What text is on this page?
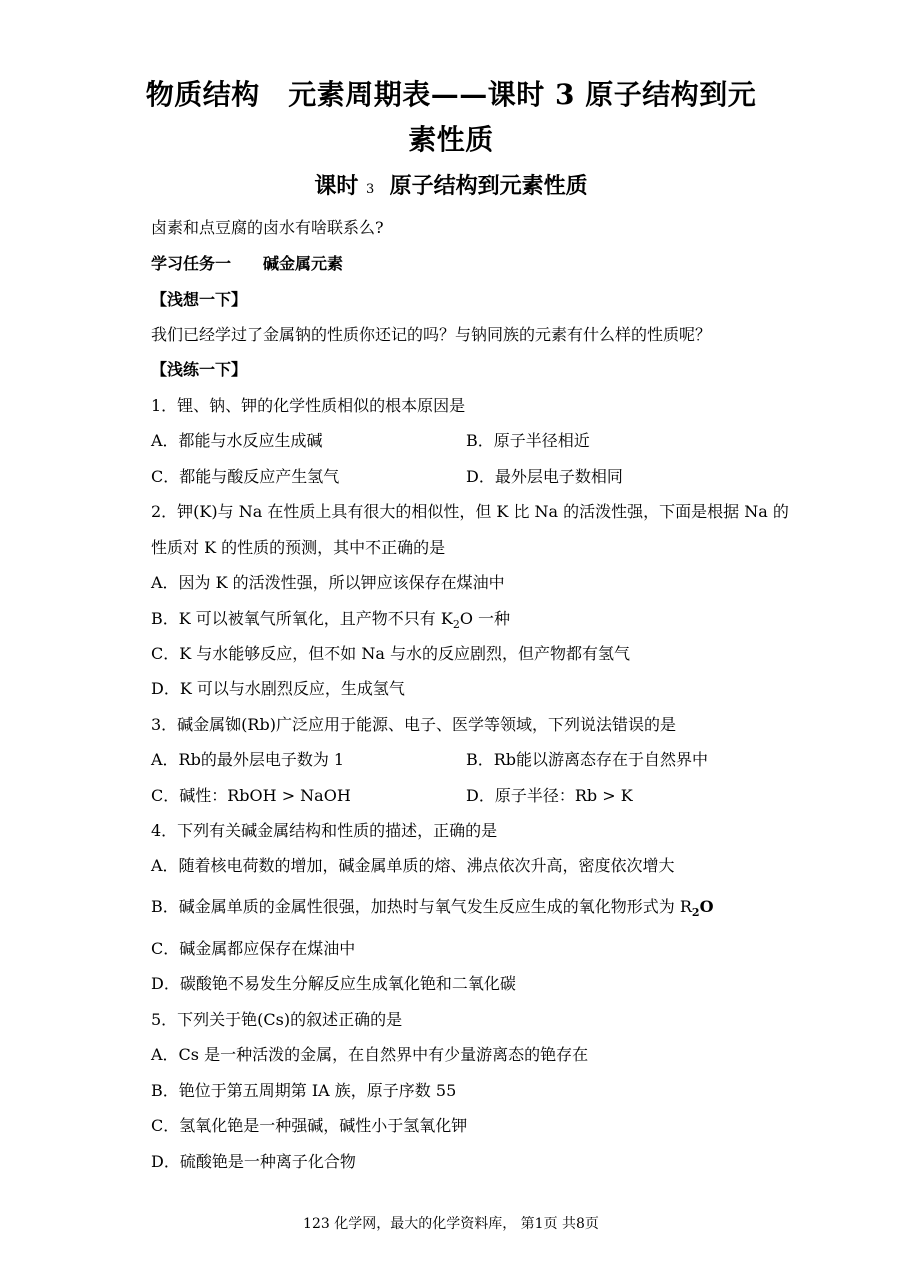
物质结构　元素周期表——课时 3 原子结构到元
素性质
课时 3 原子结构到元素性质
卤素和点豆腐的卤水有啥联系么?
学习任务一　　碱金属元素
【浅想一下】
我们已经学过了金属钠的性质你还记的吗？与钠同族的元素有什么样的性质呢？
【浅练一下】
1．锂、钠、钾的化学性质相似的根本原因是
A．都能与水反应生成碱	B．原子半径相近
C．都能与酸反应产生氢气	D．最外层电子数相同
2．钾(K)与 Na 在性质上具有很大的相似性，但 K 比 Na 的活泼性强，下面是根据 Na 的
性质对 K 的性质的预测，其中不正确的是
A．因为 K 的活泼性强，所以钾应该保存在煤油中
B．K 可以被氧气所氧化，且产物不只有 $K_2O$ 一种
C．K 与水能够反应，但不如 Na 与水的反应剧烈，但产物都有氢气
D．K 可以与水剧烈反应，生成氢气
3．碱金属铷(Rb)广泛应用于能源、电子、医学等领域，下列说法错误的是
A．Rb的最外层电子数为 1	B．Rb能以游离态存在于自然界中
C．碱性：RbOH > NaOH	D．原子半径：Rb > K
4．下列有关碱金属结构和性质的描述，正确的是
A．随着核电荷数的增加，碱金属单质的熔、沸点依次升高，密度依次增大
B．碱金属单质的金属性很强，加热时与氧气发生反应生成的氧化物形式为 $R_2O$
C．碱金属都应保存在煤油中
D．碳酸铯不易发生分解反应生成氧化铯和二氧化碳
5．下列关于铯(Cs)的叙述正确的是
A．Cs 是一种活泼的金属，在自然界中有少量游离态的铯存在
B．铯位于第五周期第 IA 族，原子序数 55
C．氢氧化铯是一种强碱，碱性小于氢氧化钾
D．硫酸铯是一种离子化合物
123 化学网，最大的化学资料库， 第1页 共8页
